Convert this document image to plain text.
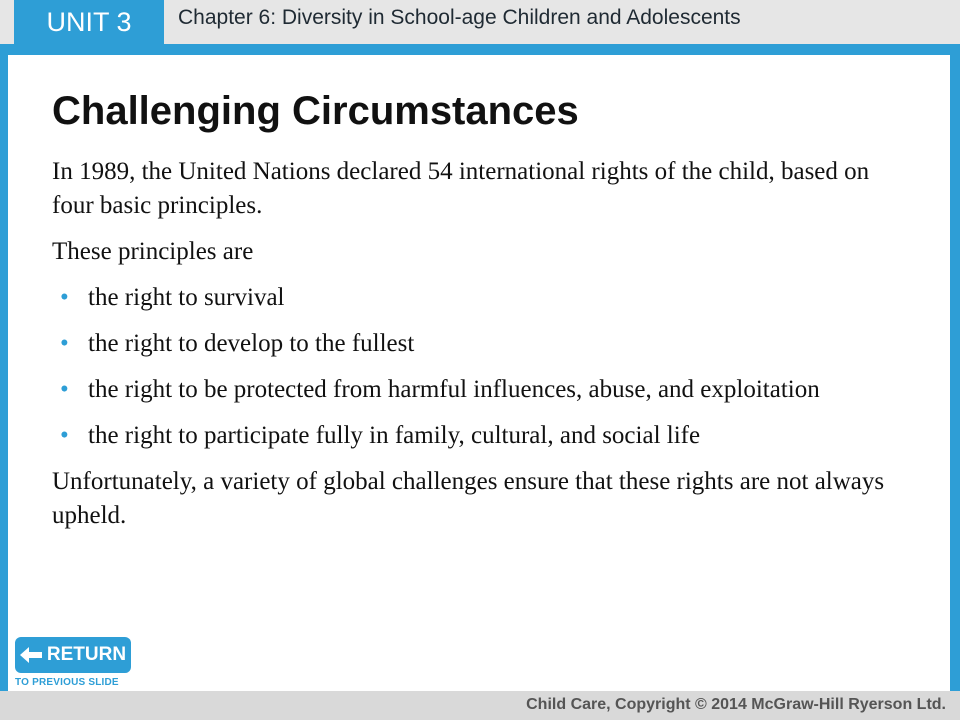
UNIT 3 Chapter 6: Diversity in School-age Children and Adolescents
Challenging Circumstances

In 1989, the United Nations declared 54 international rights of the child, based on four basic principles.

These principles are

• the right to survival
• the right to develop to the fullest
• the right to be protected from harmful influences, abuse, and exploitation
• the right to participate fully in family, cultural, and social life

Unfortunately, a variety of global challenges ensure that these rights are not always upheld.

RETURN
TO PREVIOUS SLIDE
Child Care, Copyright © 2014 McGraw-Hill Ryerson Ltd.
